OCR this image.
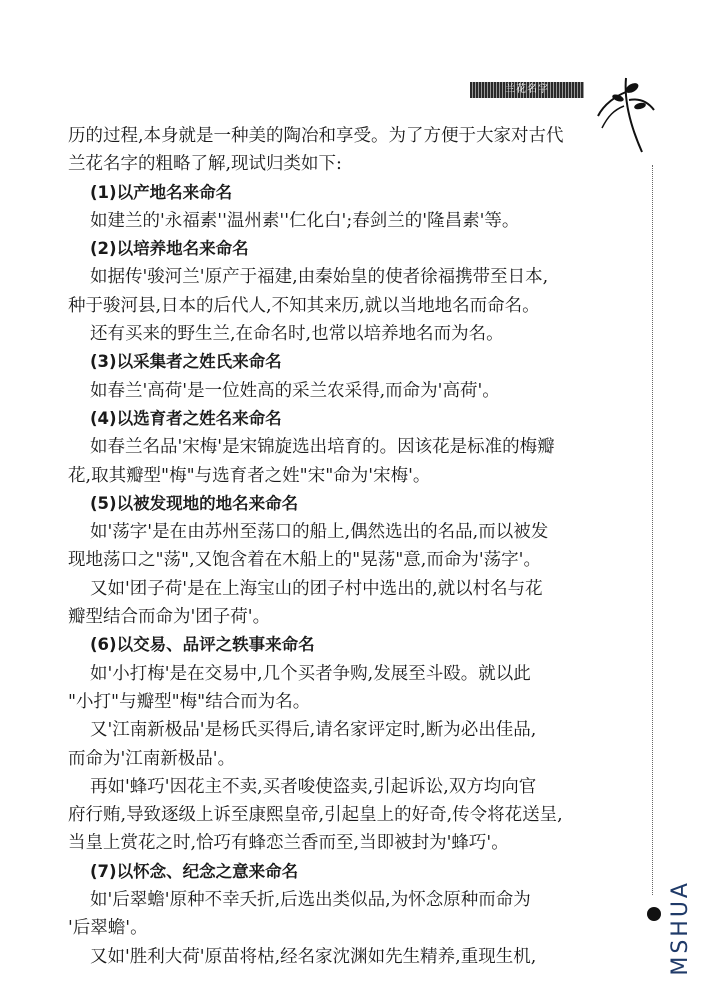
兰花名字
历的过程,本身就是一种美的陶冶和享受。为了方便于大家对古代
兰花名字的粗略了解,现试归类如下:
(1)以产地名来命名
如建兰的'永福素''温州素''仁化白';春剑兰的'隆昌素'等。
(2)以培养地名来命名
如据传'骏河兰'原产于福建,由秦始皇的使者徐福携带至日本,
种于骏河县,日本的后代人,不知其来历,就以当地地名而命名。
还有买来的野生兰,在命名时,也常以培养地名而为名。
(3)以采集者之姓氏来命名
如春兰'高荷'是一位姓高的采兰农采得,而命为'高荷'。
(4)以选育者之姓名来命名
如春兰名品'宋梅'是宋锦旋选出培育的。因该花是标准的梅瓣
花,取其瓣型"梅"与选育者之姓"宋"命为'宋梅'。
(5)以被发现地的地名来命名
如'荡字'是在由苏州至荡口的船上,偶然选出的名品,而以被发
现地荡口之"荡",又饱含着在木船上的"晃荡"意,而命为'荡字'。
又如'团子荷'是在上海宝山的团子村中选出的,就以村名与花
瓣型结合而命为'团子荷'。
(6)以交易、品评之轶事来命名
如'小打梅'是在交易中,几个买者争购,发展至斗殴。就以此
"小打"与瓣型"梅"结合而为名。
又'江南新极品'是杨氏买得后,请名家评定时,断为必出佳品,
而命为'江南新极品'。
再如'蜂巧'因花主不卖,买者唆使盗卖,引起诉讼,双方均向官
府行贿,导致逐级上诉至康熙皇帝,引起皇上的好奇,传令将花送呈,
当皇上赏花之时,恰巧有蜂恋兰香而至,当即被封为'蜂巧'。
(7)以怀念、纪念之意来命名
如'后翠蟾'原种不幸夭折,后选出类似品,为怀念原种而命为
'后翠蟾'。
又如'胜利大荷'原苗将枯,经名家沈渊如先生精养,重现生机,	MSHUA
